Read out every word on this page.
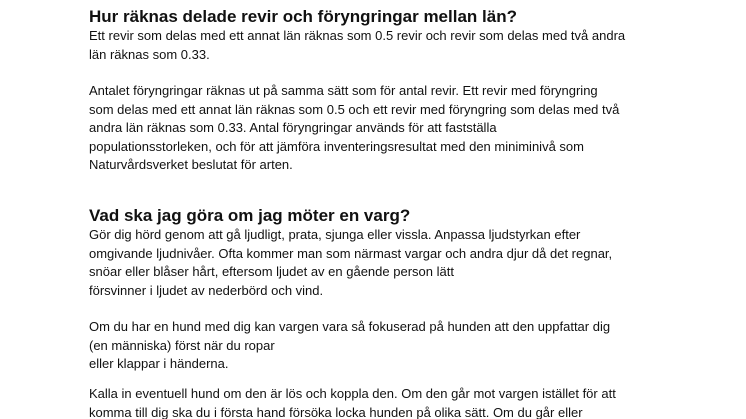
Hur räknas delade revir och föryngringar mellan län?

Ett revir som delas med ett annat län räknas som 0.5 revir och revir som delas med två andra
län räknas som 0.33.

Antalet föryngringar räknas ut på samma sätt som för antal revir. Ett revir med föryngring
som delas med ett annat län räknas som 0.5 och ett revir med föryngring som delas med två
andra län räknas som 0.33. Antal föryngringar används för att fastställa
populationsstorleken, och för att jämföra inventeringsresultat med den miniminivå som
Naturvårdsverket beslutat för arten.

Vad ska jag göra om jag möter en varg?

Gör dig hörd genom att gå ljudligt, prata, sjunga eller vissla. Anpassa ljudstyrkan efter
omgivande ljudnivåer. Ofta kommer man som närmast vargar och andra djur då det regnar,
snöar eller blåser hårt, eftersom ljudet av en gående person lätt
försvinner i ljudet av nederbörd och vind.

Om du har en hund med dig kan vargen vara så fokuserad på hunden att den uppfattar dig
(en människa) först när du ropar
eller klappar i händerna.

Kalla in eventuell hund om den är lös och koppla den. Om den går mot vargen istället för att
komma till dig ska du i första hand försöka locka hunden på olika sätt. Om du går eller
